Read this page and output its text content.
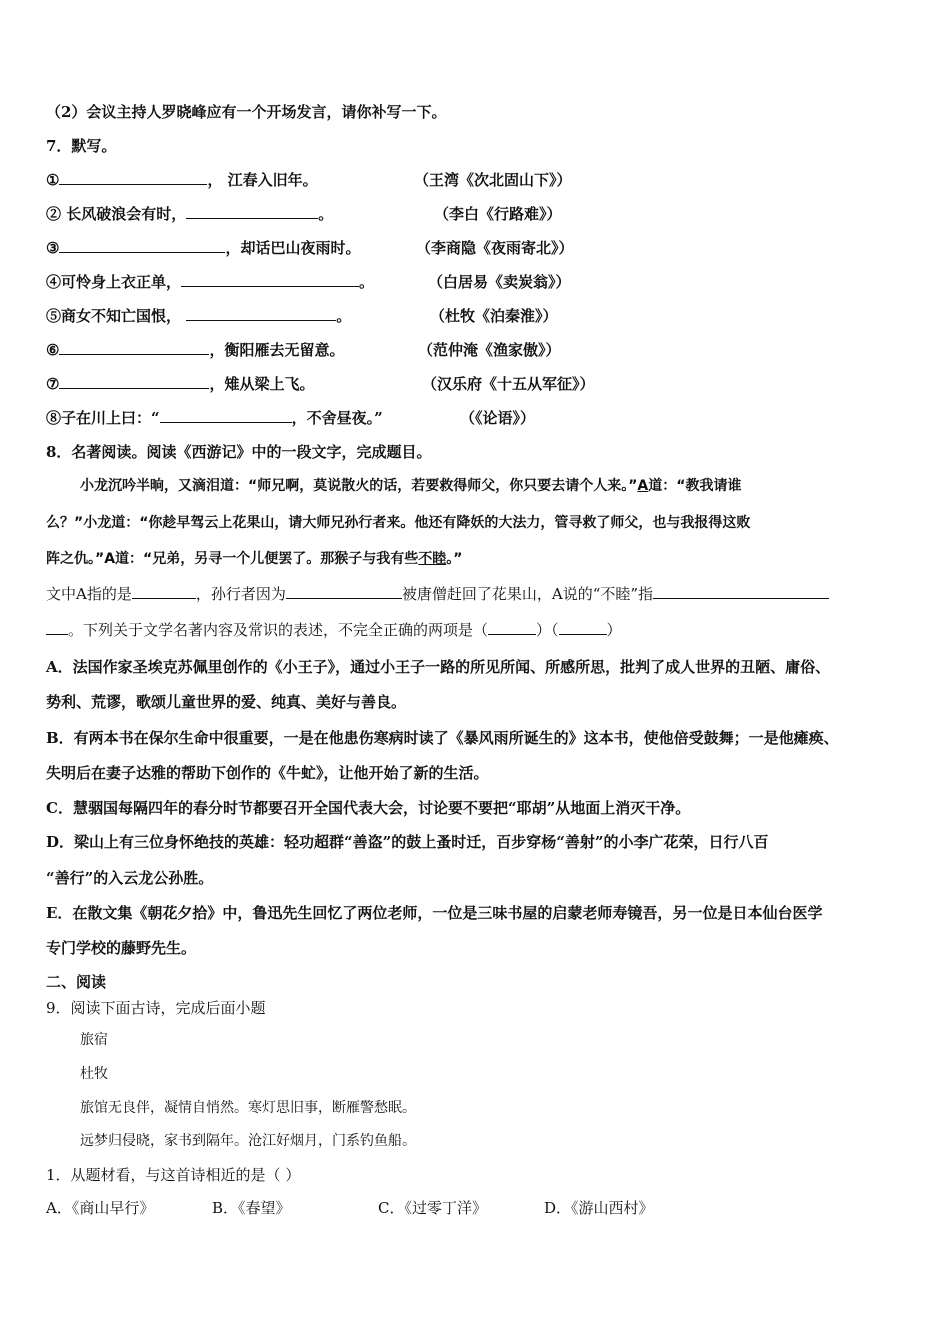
（2）会议主持人罗晓峰应有一个开场发言，请你补写一下。
7．默写。
①	， 江春入旧年。	（王湾《次北固山下》）
② 长风破浪会有时，	。	（李白《行路难》）
③	，却话巴山夜雨时。	（李商隐《夜雨寄北》）
④可怜身上衣正单，	。	（白居易《卖炭翁》）
⑤商女不知亡国恨，	。	（杜牧《泊秦淮》）
⑥	，衡阳雁去无留意。	（范仲淹《渔家傲》）
⑦	，雉从梁上飞。	（汉乐府《十五从军征》）
⑧子在川上曰：“	，不舍昼夜。”	（《论语》）
8．名著阅读。阅读《西游记》中的一段文字，完成题目。
小龙沉吟半晌，又滴泪道：“师兄啊，莫说散火的话，若要救得师父，你只要去请个人来。”A道：“教我请谁
么？”小龙道：“你趁早驾云上花果山，请大师兄孙行者来。他还有降妖的大法力，管寻救了师父，也与我报得这败
阵之仇。”A道：“兄弟，另寻一个儿便罢了。那猴子与我有些不睦。”
文中A指的是	，孙行者因为	被唐僧赶回了花果山，A说的“不睦”指
。下列关于文学名著内容及常识的表述，不完全正确的两项是（	）（	）
A．法国作家圣埃克苏佩里创作的《小王子》，通过小王子一路的所见所闻、所感所思，批判了成人世界的丑陋、庸俗、
势利、荒谬，歌颂儿童世界的爱、纯真、美好与善良。
B．有两本书在保尔生命中很重要，一是在他患伤寒病时读了《暴风雨所诞生的》这本书，使他倍受鼓舞；一是他瘫痪、
失明后在妻子达雅的帮助下创作的《牛虻》，让他开始了新的生活。
C．慧骃国每隔四年的春分时节都要召开全国代表大会，讨论要不要把“耶胡”从地面上消灭干净。
D．梁山上有三位身怀绝技的英雄：轻功超群“善盗”的鼓上蚤时迁，百步穿杨“善射”的小李广花荣，日行八百
“善行”的入云龙公孙胜。
E．在散文集《朝花夕拾》中，鲁迅先生回忆了两位老师，一位是三味书屋的启蒙老师寿镜吾，另一位是日本仙台医学
专门学校的藤野先生。
二、阅读
9．阅读下面古诗，完成后面小题
旅宿
杜牧
旅馆无良伴，凝情自悄然。寒灯思旧事，断雁警愁眠。
远梦归侵晓，家书到隔年。沧江好烟月，门系钓鱼船。
1．从题材看，与这首诗相近的是（ ）
A．《商山早行》	B．《春望》	C．《过零丁洋》	D．《游山西村》
